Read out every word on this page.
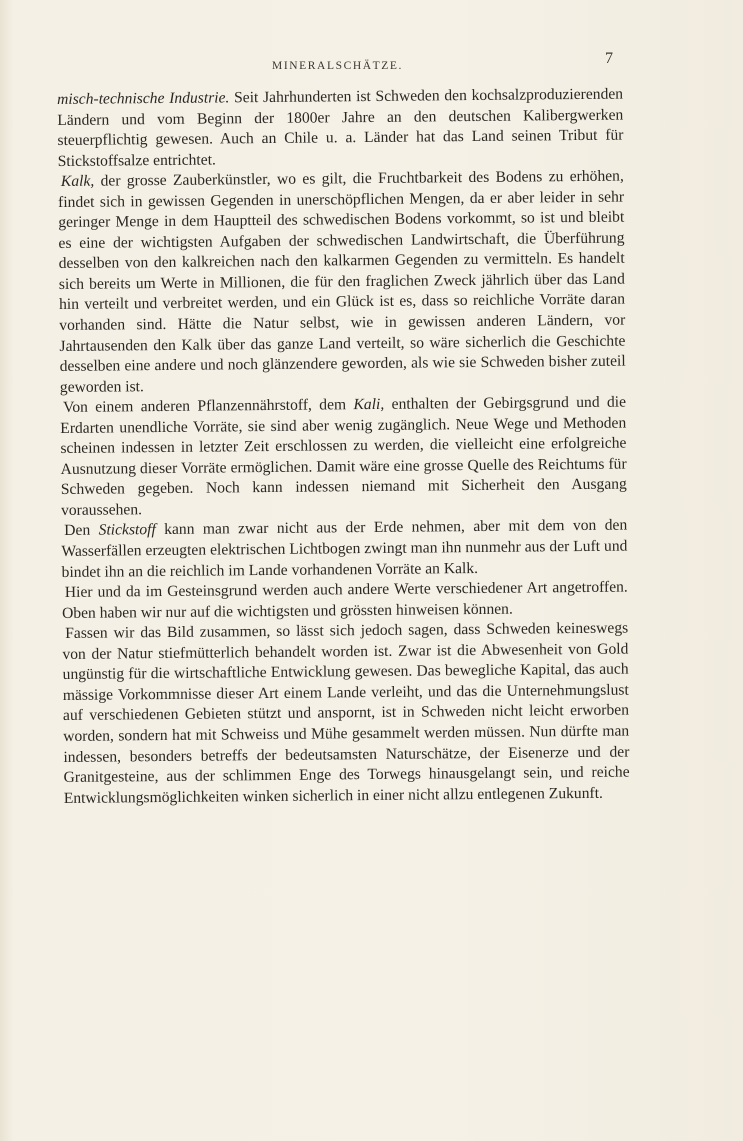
MINERALSCHÄTZE.	7

misch-technische Industrie. Seit Jahrhunderten ist Schweden den kochsalzproduzierenden Ländern und vom Beginn der 1800er Jahre an den deutschen Kalibergwerken steuerpflichtig gewesen. Auch an Chile u. a. Länder hat das Land seinen Tribut für Stickstoffsalze entrichtet.

Kalk, der grosse Zauberkünstler, wo es gilt, die Fruchtbarkeit des Bodens zu erhöhen, findet sich in gewissen Gegenden in unerschöpflichen Mengen, da er aber leider in sehr geringer Menge in dem Hauptteil des schwedischen Bodens vorkommt, so ist und bleibt es eine der wichtigsten Aufgaben der schwedischen Landwirtschaft, die Überführung desselben von den kalkreichen nach den kalkarmen Gegenden zu vermitteln. Es handelt sich bereits um Werte in Millionen, die für den fraglichen Zweck jährlich über das Land hin verteilt und verbreitet werden, und ein Glück ist es, dass so reichliche Vorräte daran vorhanden sind. Hätte die Natur selbst, wie in gewissen anderen Ländern, vor Jahrtausenden den Kalk über das ganze Land verteilt, so wäre sicherlich die Geschichte desselben eine andere und noch glänzendere geworden, als wie sie Schweden bisher zuteil geworden ist.

Von einem anderen Pflanzennährstoff, dem Kali, enthalten der Gebirgsgrund und die Erdarten unendliche Vorräte, sie sind aber wenig zugänglich. Neue Wege und Methoden scheinen indessen in letzter Zeit erschlossen zu werden, die vielleicht eine erfolgreiche Ausnutzung dieser Vorräte ermöglichen. Damit wäre eine grosse Quelle des Reichtums für Schweden gegeben. Noch kann indessen niemand mit Sicherheit den Ausgang voraussehen.

Den Stickstoff kann man zwar nicht aus der Erde nehmen, aber mit dem von den Wasserfällen erzeugten elektrischen Lichtbogen zwingt man ihn nunmehr aus der Luft und bindet ihn an die reichlich im Lande vorhandenen Vorräte an Kalk.

Hier und da im Gesteinsgrund werden auch andere Werte verschiedener Art angetroffen. Oben haben wir nur auf die wichtigsten und grössten hinweisen können.

Fassen wir das Bild zusammen, so lässt sich jedoch sagen, dass Schweden keineswegs von der Natur stiefmütterlich behandelt worden ist. Zwar ist die Abwesenheit von Gold ungünstig für die wirtschaftliche Entwicklung gewesen. Das bewegliche Kapital, das auch mässige Vorkommnisse dieser Art einem Lande verleiht, und das die Unternehmungslust auf verschiedenen Gebieten stützt und anspornt, ist in Schweden nicht leicht erworben worden, sondern hat mit Schweiss und Mühe gesammelt werden müssen. Nun dürfte man indessen, besonders betreffs der bedeutsamsten Naturschätze, der Eisenerze und der Granitgesteine, aus der schlimmen Enge des Torwegs hinausgelangt sein, und reiche Entwicklungsmöglichkeiten winken sicherlich in einer nicht allzu entlegenen Zukunft.
